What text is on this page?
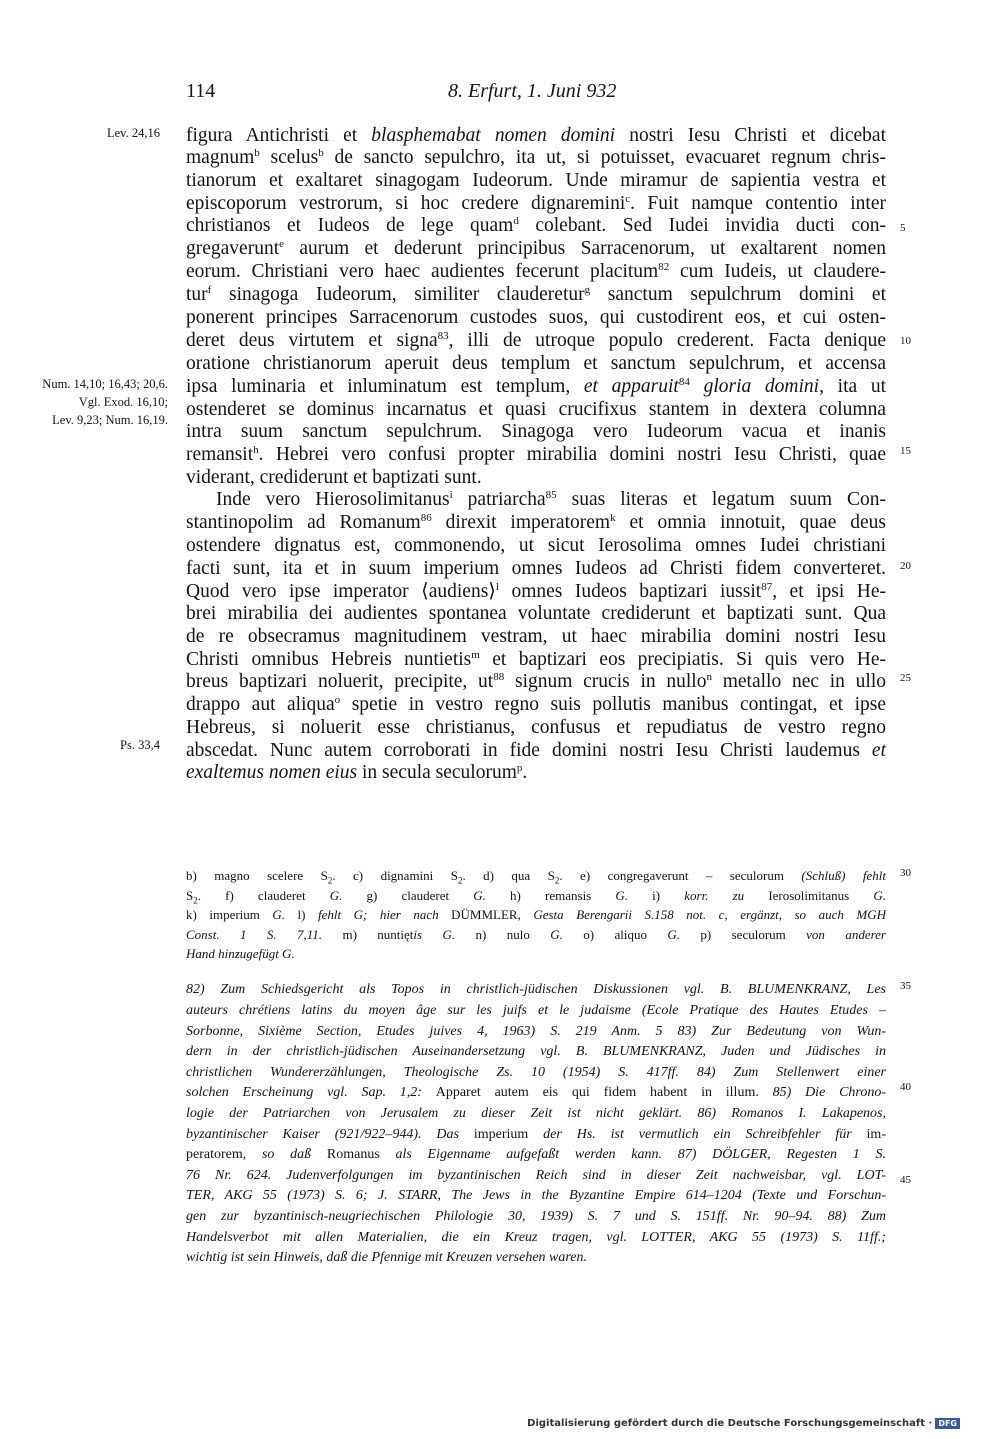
114	8. Erfurt, 1. Juni 932
Lev. 24,16
Num. 14,10; 16,43; 20,6.
Vgl. Exod. 16,10;
Lev. 9,23; Num. 16,19.
Ps. 33,4
figura Antichristi et blasphemabat nomen domini nostri Iesu Christi et dicebat
magnum$^b$ scelus$^b$ de sancto sepulchro, ita ut, si potuisset, evacuaret regnum chris-
tianorum et exaltaret sinagogam Iudeorum. Unde miramur de sapientia vestra et
episcoporum vestrorum, si hoc credere dignaremini$^c$. Fuit namque contentio inter
christianos et Iudeos de lege quam$^d$ colebant. Sed Iudei invidia ducti con-
gregaverunt$^e$ aurum et dederunt principibus Sarracenorum, ut exaltarent nomen
eorum. Christiani vero haec audientes fecerunt placitum$^{82}$ cum Iudeis, ut claudere-
tur$^f$ sinagoga Iudeorum, similiter clauderetur$^g$ sanctum sepulchrum domini et
ponerent principes Sarracenorum custodes suos, qui custodirent eos, et cui osten-
deret deus virtutem et signa$^{83}$, illi de utroque populo crederent. Facta denique
oratione christianorum aperuit deus templum et sanctum sepulchrum, et accensa
ipsa luminaria et inluminatum est templum, et apparuit$^{84}$ gloria domini, ita ut
ostenderet se dominus incarnatus et quasi crucifixus stantem in dextera columna
intra suum sanctum sepulchrum. Sinagoga vero Iudeorum vacua et inanis
remansit$^h$. Hebrei vero confusi propter mirabilia domini nostri Iesu Christi, quae
viderant, crediderunt et baptizati sunt.
Inde vero Hierosolimitanus$^i$ patriarcha$^{85}$ suas literas et legatum suum Con-
stantinopolim ad Romanum$^{86}$ direxit imperatorem$^k$ et omnia innotuit, quae deus
ostendere dignatus est, commonendo, ut sicut Ierosolima omnes Iudei christiani
facti sunt, ita et in suum imperium omnes Iudeos ad Christi fidem converteret.
Quod vero ipse imperator ⟨audiens⟩$^l$ omnes Iudeos baptizari iussit$^{87}$, et ipsi He-
brei mirabilia dei audientes spontanea voluntate crediderunt et baptizati sunt. Qua
de re obsecramus magnitudinem vestram, ut haec mirabilia domini nostri Iesu
Christi omnibus Hebreis nuntietis$^m$ et baptizari eos precipiatis. Si quis vero He-
breus baptizari noluerit, precipite, $ut^{88}$ signum crucis in nullo$^n$ metallo nec in ullo
drappo aut aliqua$^o$ spetie in vestro regno suis pollutis manibus contingat, et ipse
Hebreus, si noluerit esse christianus, confusus et repudiatus de vestro regno
abscedat. Nunc autem corroborati in fide domini nostri Iesu Christi laudemus et
exaltemus nomen eius in secula seculorum$^p$.
b) magno scelere $S_2$. c) dignamini $S_2$. d) qua $S_2$. e) congregaverunt – seculorum (Schluß) fehlt
$S_2$. f) clauderet G. g) clauderet G. h) remansis G. i) korr. zu Ierosolimitanus G.
k) imperium G. l) fehlt G; hier nach DÜMMLER, Gesta Berengarii S.158 not. c, ergänzt, so auch MGH
Const. 1 S. 7,11. m) nuntiętis G. n) nulo G. o) aliquo G. p) seculorum von anderer
Hand hinzugefügt G.
82) Zum Schiedsgericht als Topos in christlich-jüdischen Diskussionen vgl. B. BLUMENKRANZ, Les
auteurs chrétiens latins du moyen âge sur les juifs et le judaisme (Ecole Pratique des Hautes Etudes –
Sorbonne, Sixième Section, Etudes juives 4, 1963) S. 219 Anm. 5 83) Zur Bedeutung von Wun-
dern in der christlich-jüdischen Auseinandersetzung vgl. B. BLUMENKRANZ, Juden und Jüdisches in
christlichen Wundererzählungen, Theologische Zs. 10 (1954) S. 417ff. 84) Zum Stellenwert einer
solchen Erscheinung vgl. Sap. 1,2: Apparet autem eis qui fidem habent in illum. 85) Die Chrono-
logie der Patriarchen von Jerusalem zu dieser Zeit ist nicht geklärt. 86) Romanos I. Lakapenos,
byzantinischer Kaiser (921/922–944). Das imperium der Hs. ist vermutlich ein Schreibfehler für im-
peratorem, so daß Romanus als Eigenname aufgefaßt werden kann. 87) DÖLGER, Regesten 1 S.
76 Nr. 624. Judenverfolgungen im byzantinischen Reich sind in dieser Zeit nachweisbar, vgl. LOT-
TER, AKG 55 (1973) S. 6; J. STARR, The Jews in the Byzantine Empire 614–1204 (Texte und Forschun-
gen zur byzantinisch-neugriechischen Philologie 30, 1939) S. 7 und S. 151ff. Nr. 90–94. 88) Zum
Handelsverbot mit allen Materialien, die ein Kreuz tragen, vgl. LOTTER, AKG 55 (1973) S. 11ff.;
wichtig ist sein Hinweis, daß die Pfennige mit Kreuzen versehen waren.
5
10
15
20
25
30
35
40
45
Digitalisierung gefördert durch die Deutsche Forschungsgemeinschaft · DFG
